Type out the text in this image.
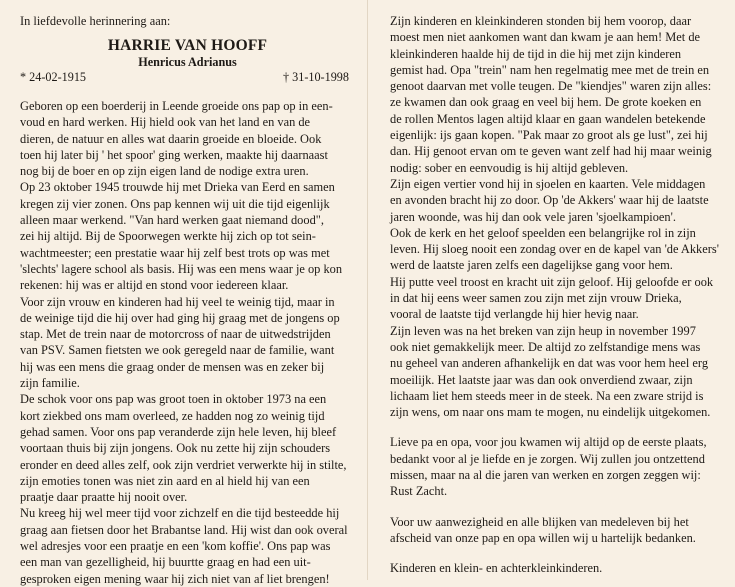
In liefdevolle herinnering aan:

HARRIE VAN HOOFF

Henricus Adrianus

* 24-02-1915	† 31-10-1998
Geboren op een boerderij in Leende groeide ons pap op in een-
voud en hard werken. Hij hield ook van het land en van de
dieren, de natuur en alles wat daarin groeide en bloeide. Ook
toen hij later bij ' het spoor' ging werken, maakte hij daarnaast
nog bij de boer en op zijn eigen land de nodige extra uren.
Op 23 oktober 1945 trouwde hij met Drieka van Eerd en samen
kregen zij vier zonen. Ons pap kennen wij uit die tijd eigenlijk
alleen maar werkend. "Van hard werken gaat niemand dood",
zei hij altijd. Bij de Spoorwegen werkte hij zich op tot sein-
wachtmeester; een prestatie waar hij zelf best trots op was met
'slechts' lagere school als basis. Hij was een mens waar je op kon
rekenen: hij was er altijd en stond voor iedereen klaar.
Voor zijn vrouw en kinderen had hij veel te weinig tijd, maar in
de weinige tijd die hij over had ging hij graag met de jongens op
stap. Met de trein naar de motorcross of naar de uitwedstrijden
van PSV. Samen fietsten we ook geregeld naar de familie, want
hij was een mens die graag onder de mensen was en zeker bij
zijn familie.
De schok voor ons pap was groot toen in oktober 1973 na een
kort ziekbed ons mam overleed, ze hadden nog zo weinig tijd
gehad samen. Voor ons pap veranderde zijn hele leven, hij bleef
voortaan thuis bij zijn jongens. Ook nu zette hij zijn schouders
eronder en deed alles zelf, ook zijn verdriet verwerkte hij in stilte,
zijn emoties tonen was niet zin aard en al hield hij van een
praatje daar praatte hij nooit over.
Nu kreeg hij wel meer tijd voor zichzelf en die tijd besteedde hij
graag aan fietsen door het Brabantse land. Hij wist dan ook overal
wel adresjes voor een praatje en een 'kom koffie'. Ons pap was
een man van gezelligheid, hij buurtte graag en had een uit-
gesproken eigen mening waar hij zich niet van af liet brengen!
Zijn kinderen en kleinkinderen stonden bij hem voorop, daar
moest men niet aankomen want dan kwam je aan hem! Met de
kleinkinderen haalde hij de tijd in die hij met zijn kinderen
gemist had. Opa "trein" nam hen regelmatig mee met de trein en
genoot daarvan met volle teugen. De "kiendjes" waren zijn alles:
ze kwamen dan ook graag en veel bij hem. De grote koeken en
de rollen Mentos lagen altijd klaar en gaan wandelen betekende
eigenlijk: ijs gaan kopen. "Pak maar zo groot als ge lust", zei hij
dan. Hij genoot ervan om te geven want zelf had hij maar weinig
nodig: sober en eenvoudig is hij altijd gebleven.
Zijn eigen vertier vond hij in sjoelen en kaarten. Vele middagen
en avonden bracht hij zo door. Op 'de Akkers' waar hij de laatste
jaren woonde, was hij dan ook vele jaren 'sjoelkampioen'.
Ook de kerk en het geloof speelden een belangrijke rol in zijn
leven. Hij sloeg nooit een zondag over en de kapel van 'de Akkers'
werd de laatste jaren zelfs een dagelijkse gang voor hem.
Hij putte veel troost en kracht uit zijn geloof. Hij geloofde er ook
in dat hij eens weer samen zou zijn met zijn vrouw Drieka,
vooral de laatste tijd verlangde hij hier hevig naar.
Zijn leven was na het breken van zijn heup in november 1997
ook niet gemakkelijk meer. De altijd zo zelfstandige mens was
nu geheel van anderen afhankelijk en dat was voor hem heel erg
moeilijk. Het laatste jaar was dan ook onverdiend zwaar, zijn
lichaam liet hem steeds meer in de steek. Na een zware strijd is
zijn wens, om naar ons mam te mogen, nu eindelijk uitgekomen.
Lieve pa en opa, voor jou kwamen wij altijd op de eerste plaats,
bedankt voor al je liefde en je zorgen. Wij zullen jou ontzettend
missen, maar na al die jaren van werken en zorgen zeggen wij:
Rust Zacht.
Voor uw aanwezigheid en alle blijken van medeleven bij het
afscheid van onze pap en opa willen wij u hartelijk bedanken.
Kinderen en klein- en achterkleinkinderen.
